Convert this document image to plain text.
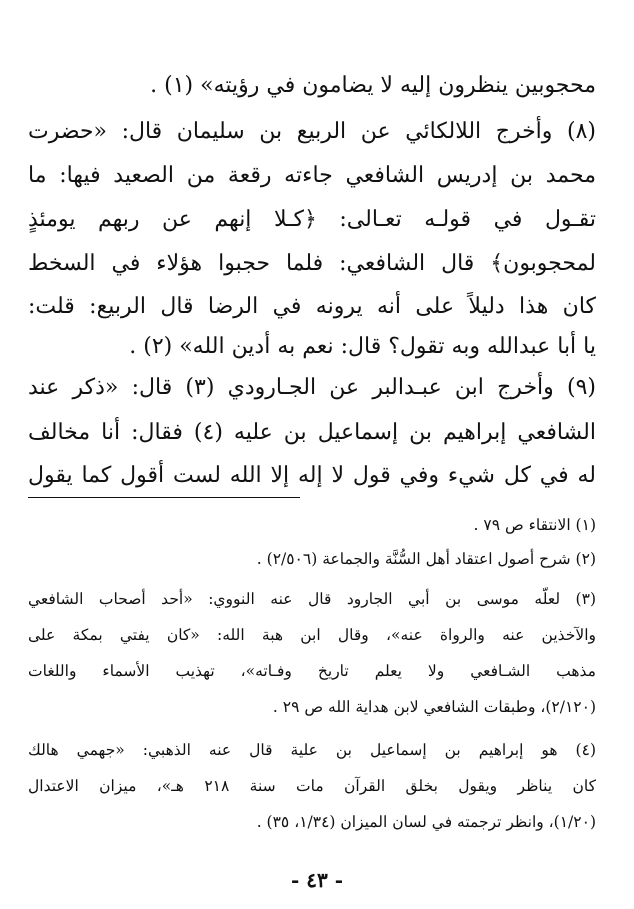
محجوبين ينظرون إليه لا يضامون في رؤيته» (١) .
(٨) وأخرج اللالكائي عن الربيع بن سليمان قال: «حضرت
محمد بن إدريس الشافعي جاءته رقعة من الصعيد فيها: ما
تقـول في قولـه تعـالى: ﴿كـلا إنهم عن ربهم يومئذٍ
لمحجوبون﴾ قال الشافعي: فلما حجبوا هؤلاء في السخط
كان هذا دليلاً على أنه يرونه في الرضا قال الربيع: قلت:
يا أبا عبدالله وبه تقول؟ قال: نعم به أدين الله» (٢) .
(٩) وأخرج ابن عبـدالبر عن الجـارودي (٣) قال: «ذكر عند
الشافعي إبراهيم بن إسماعيل بن عليه (٤) فقال: أنا مخالف
له في كل شيء وفي قول لا إله إلا الله لست أقول كما يقول
(١) الانتقاء ص ٧٩ .
(٢) شرح أصول اعتقاد أهل السُّنَّة والجماعة (٢/٥٠٦) .
(٣) لعلّه موسى بن أبي الجارود قال عنه النووي: «أحد أصحاب الشافعي
والآخذين عنه والرواة عنه»، وقال ابن هبة الله: «كان يفتي بمكة على
مذهب الشـافعي ولا يعلم تاريخ وفـاته»، تهذيب الأسماء واللغات
(٢/١٢٠)، وطبقات الشافعي لابن هداية الله ص ٢٩ .
(٤) هو إبراهيم بن إسماعيل بن علية قال عنه الذهبي: «جهمي هالك
كان يناظر ويقول بخلق القرآن مات سنة ٢١٨ هـ»، ميزان الاعتدال
(١/٢٠)، وانظر ترجمته في لسان الميزان (١/٣٤، ٣٥) .
- ٤٣ -
